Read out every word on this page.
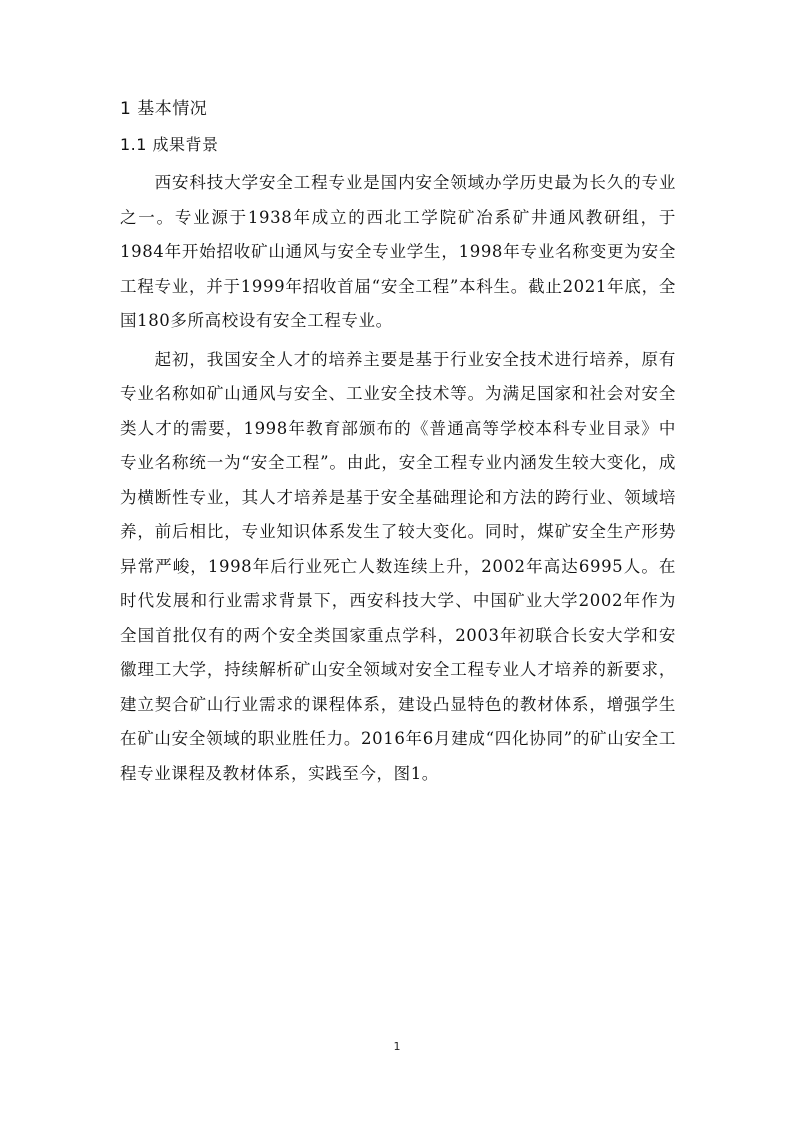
1 基本情况
1.1 成果背景

西安科技大学安全工程专业是国内安全领域办学历史最为长久的专业之一。专业源于1938年成立的西北工学院矿冶系矿井通风教研组，于1984年开始招收矿山通风与安全专业学生，1998年专业名称变更为安全工程专业，并于1999年招收首届“安全工程”本科生。截止2021年底，全国180多所高校设有安全工程专业。

起初，我国安全人才的培养主要是基于行业安全技术进行培养，原有专业名称如矿山通风与安全、工业安全技术等。为满足国家和社会对安全类人才的需要，1998年教育部颁布的《普通高等学校本科专业目录》中专业名称统一为“安全工程”。由此，安全工程专业内涵发生较大变化，成为横断性专业，其人才培养是基于安全基础理论和方法的跨行业、领域培养，前后相比，专业知识体系发生了较大变化。同时，煤矿安全生产形势异常严峻，1998年后行业死亡人数连续上升，2002年高达6995人。在时代发展和行业需求背景下，西安科技大学、中国矿业大学2002年作为全国首批仅有的两个安全类国家重点学科，2003年初联合长安大学和安徽理工大学，持续解析矿山安全领域对安全工程专业人才培养的新要求，建立契合矿山行业需求的课程体系，建设凸显特色的教材体系，增强学生在矿山安全领域的职业胜任力。2016年6月建成“四化协同”的矿山安全工程专业课程及教材体系，实践至今，图1。

1
